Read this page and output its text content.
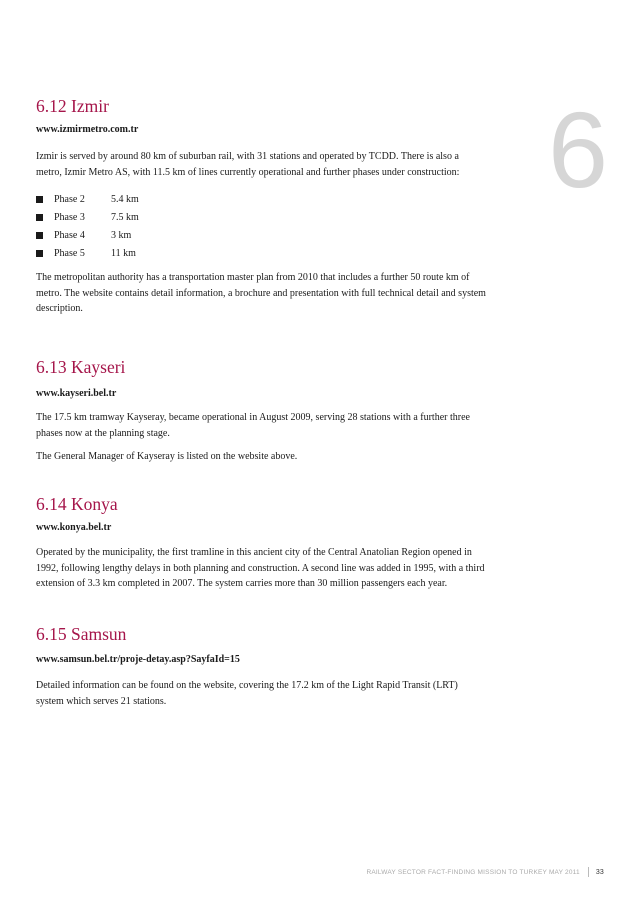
6
6.12 Izmir

www.izmirmetro.com.tr

Izmir is served by around 80 km of suburban rail, with 31 stations and operated by TCDD. There is also a metro, Izmir Metro AS, with 11.5 km of lines currently operational and further phases under construction:

Phase 2	5.4 km
Phase 3	7.5 km
Phase 4	3 km
Phase 5	11 km

The metropolitan authority has a transportation master plan from 2010 that includes a further 50 route km of metro. The website contains detail information, a brochure and presentation with full technical detail and system description.

6.13 Kayseri

www.kayseri.bel.tr

The 17.5 km tramway Kayseray, became operational in August 2009, serving 28 stations with a further three phases now at the planning stage.

The General Manager of Kayseray is listed on the website above.

6.14 Konya

www.konya.bel.tr

Operated by the municipality, the first tramline in this ancient city of the Central Anatolian Region opened in 1992, following lengthy delays in both planning and construction. A second line was added in 1995, with a third extension of 3.3 km completed in 2007. The system carries more than 30 million passengers each year.

6.15 Samsun

www.samsun.bel.tr/proje-detay.asp?SayfaId=15

Detailed information can be found on the website, covering the 17.2 km of the Light Rapid Transit (LRT) system which serves 21 stations.

RAILWAY SECTOR FACT-FINDING MISSION TO TURKEY MAY 2011 33
